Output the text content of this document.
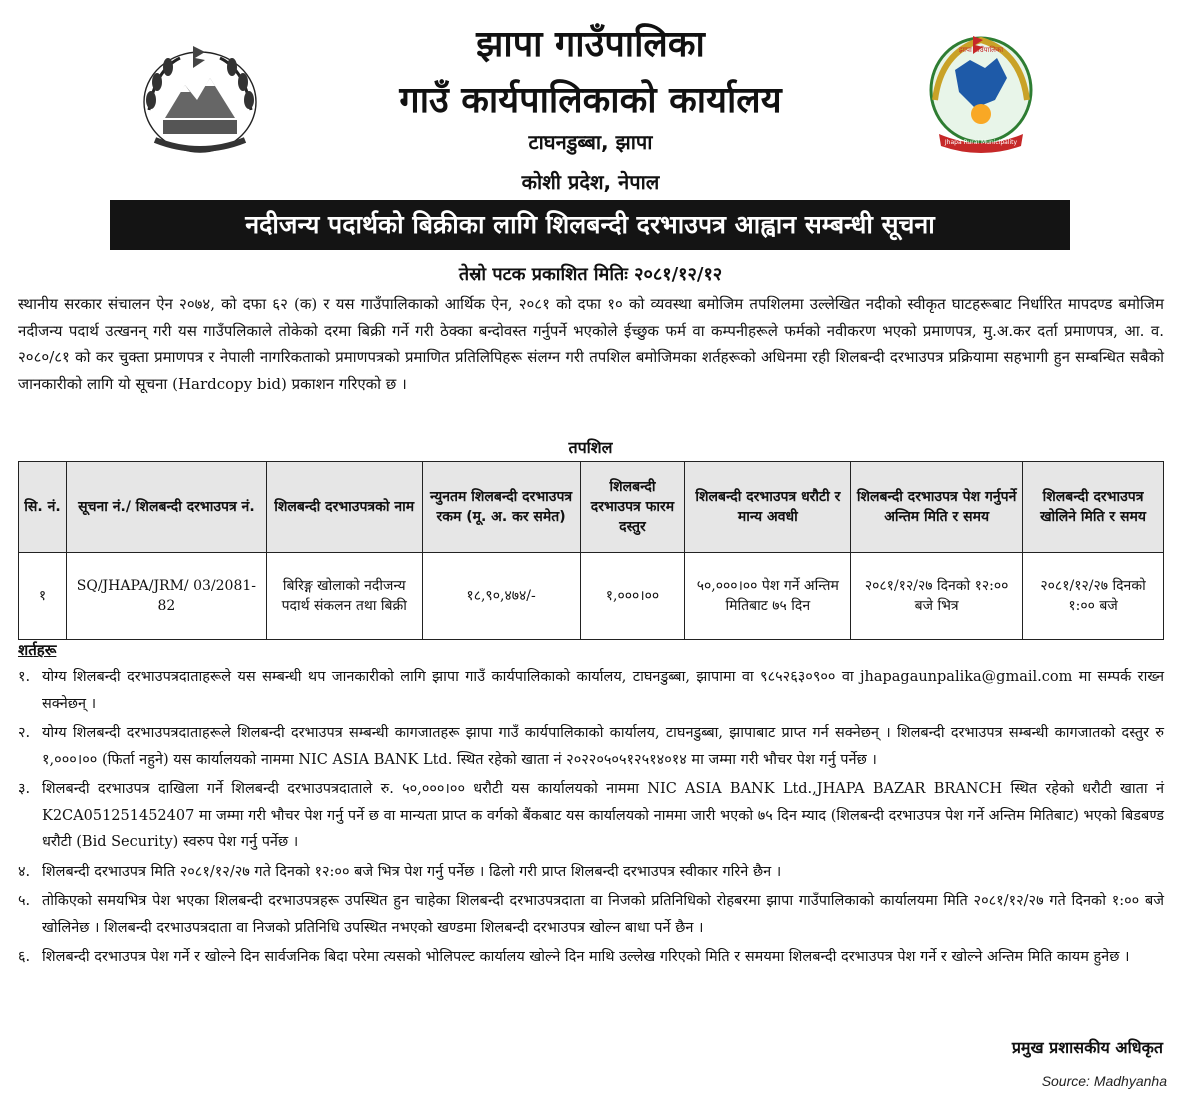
झापा गाउँपालिका
गाउँ कार्यपालिकाको कार्यालय
टाघनडुब्बा, झापा
कोशी प्रदेश, नेपाल
झापा गाउँपालिका
Jhapa Rural Municipality
नदीजन्य पदार्थको बिक्रीका लागि शिलबन्दी दरभाउपत्र आह्वान सम्बन्धी सूचना
तेस्रो पटक प्रकाशित मितिः २०८१/१२/१२
स्थानीय सरकार संचालन ऐन २०७४, को दफा ६२ (क) र यस गाउँपालिकाको आर्थिक ऐन, २०८१ को दफा १० को व्यवस्था बमोजिम तपशिलमा उल्लेखित नदीको स्वीकृत घाटहरूबाट निर्धारित मापदण्ड बमोजिम नदीजन्य पदार्थ उत्खनन् गरी यस गाउँपलिकाले तोकेको दरमा बिक्री गर्ने गरी ठेक्का बन्दोवस्त गर्नुपर्ने भएकोले ईच्छुक फर्म वा कम्पनीहरूले फर्मको नवीकरण भएको प्रमाणपत्र, मु.अ.कर दर्ता प्रमाणपत्र, आ. व. २०८०/८१ को कर चुक्ता प्रमाणपत्र र नेपाली नागरिकताको प्रमाणपत्रको प्रमाणित प्रतिलिपिहरू संलग्न गरी तपशिल बमोजिमका शर्तहरूको अधिनमा रही शिलबन्दी दरभाउपत्र प्रक्रियामा सहभागी हुन सम्बन्धित सबैको जानकारीको लागि यो सूचना (Hardcopy bid) प्रकाशन गरिएको छ ।
तपशिल
सि. नं.	सूचना नं./ शिलबन्दी दरभाउपत्र नं.	शिलबन्दी दरभाउपत्रको नाम	न्युनतम शिलबन्दी दरभाउपत्र रकम (मू. अ. कर समेत)	शिलबन्दी दरभाउपत्र फारम दस्तुर	शिलबन्दी दरभाउपत्र धरौटी र मान्य अवधी	शिलबन्दी दरभाउपत्र पेश गर्नुपर्ने अन्तिम मिति र समय	शिलबन्दी दरभाउपत्र खोलिने मिति र समय
१	SQ/JHAPA/JRM/ 03/2081-82	बिरिङ्ग खोलाको नदीजन्य पदार्थ संकलन तथा बिक्री	१८,९०,४७४/-	१,०००।००	५०,०००।०० पेश गर्ने अन्तिम मितिबाट ७५ दिन	२०८१/१२/२७ दिनको १२:०० बजे भित्र	२०८१/१२/२७ दिनको १:०० बजे
शर्तहरू
१. योग्य शिलबन्दी दरभाउपत्रदाताहरूले यस सम्बन्धी थप जानकारीको लागि झापा गाउँ कार्यपालिकाको कार्यालय, टाघनडुब्बा, झापामा वा ९८५२६३०९०० वा jhapagaunpalika@gmail.com मा सम्पर्क राख्न सक्नेछन् ।
२. योग्य शिलबन्दी दरभाउपत्रदाताहरूले शिलबन्दी दरभाउपत्र सम्बन्धी कागजातहरू झापा गाउँ कार्यपालिकाको कार्यालय, टाघनडुब्बा, झापाबाट प्राप्त गर्न सक्नेछन् । शिलबन्दी दरभाउपत्र सम्बन्धी कागजातको दस्तुर रु १,०००।०० (फिर्ता नहुने) यस कार्यालयको नाममा NIC ASIA BANK Ltd. स्थित रहेको खाता नं २०२२०५०५१२५१४०१४ मा जम्मा गरी भौचर पेश गर्नु पर्नेछ ।
३. शिलबन्दी दरभाउपत्र दाखिला गर्ने शिलबन्दी दरभाउपत्रदाताले रु. ५०,०००।०० धरौटी यस कार्यालयको नाममा NIC ASIA BANK Ltd.,JHAPA BAZAR BRANCH स्थित रहेको धरौटी खाता नं K2CA051251452407 मा जम्मा गरी भौचर पेश गर्नु पर्ने छ वा मान्यता प्राप्त क वर्गको बैंकबाट यस कार्यालयको नाममा जारी भएको ७५ दिन म्याद (शिलबन्दी दरभाउपत्र पेश गर्ने अन्तिम मितिबाट) भएको बिडबण्ड धरौटी (Bid Security) स्वरुप पेश गर्नु पर्नेछ ।
४. शिलबन्दी दरभाउपत्र मिति २०८१/१२/२७ गते दिनको १२:०० बजे भित्र पेश गर्नु पर्नेछ । ढिलो गरी प्राप्त शिलबन्दी दरभाउपत्र स्वीकार गरिने छैन ।
५. तोकिएको समयभित्र पेश भएका शिलबन्दी दरभाउपत्रहरू उपस्थित हुन चाहेका शिलबन्दी दरभाउपत्रदाता वा निजको प्रतिनिधिको रोहबरमा झापा गाउँपालिकाको कार्यालयमा मिति २०८१/१२/२७ गते दिनको १:०० बजे खोलिनेछ । शिलबन्दी दरभाउपत्रदाता वा निजको प्रतिनिधि उपस्थित नभएको खण्डमा शिलबन्दी दरभाउपत्र खोल्न बाधा पर्ने छैन ।
६. शिलबन्दी दरभाउपत्र पेश गर्ने र खोल्ने दिन सार्वजनिक बिदा परेमा त्यसको भोलिपल्ट कार्यालय खोल्ने दिन माथि उल्लेख गरिएको मिति र समयमा शिलबन्दी दरभाउपत्र पेश गर्ने र खोल्ने अन्तिम मिति कायम हुनेछ ।
प्रमुख प्रशासकीय अधिकृत
Source: Madhyanha
